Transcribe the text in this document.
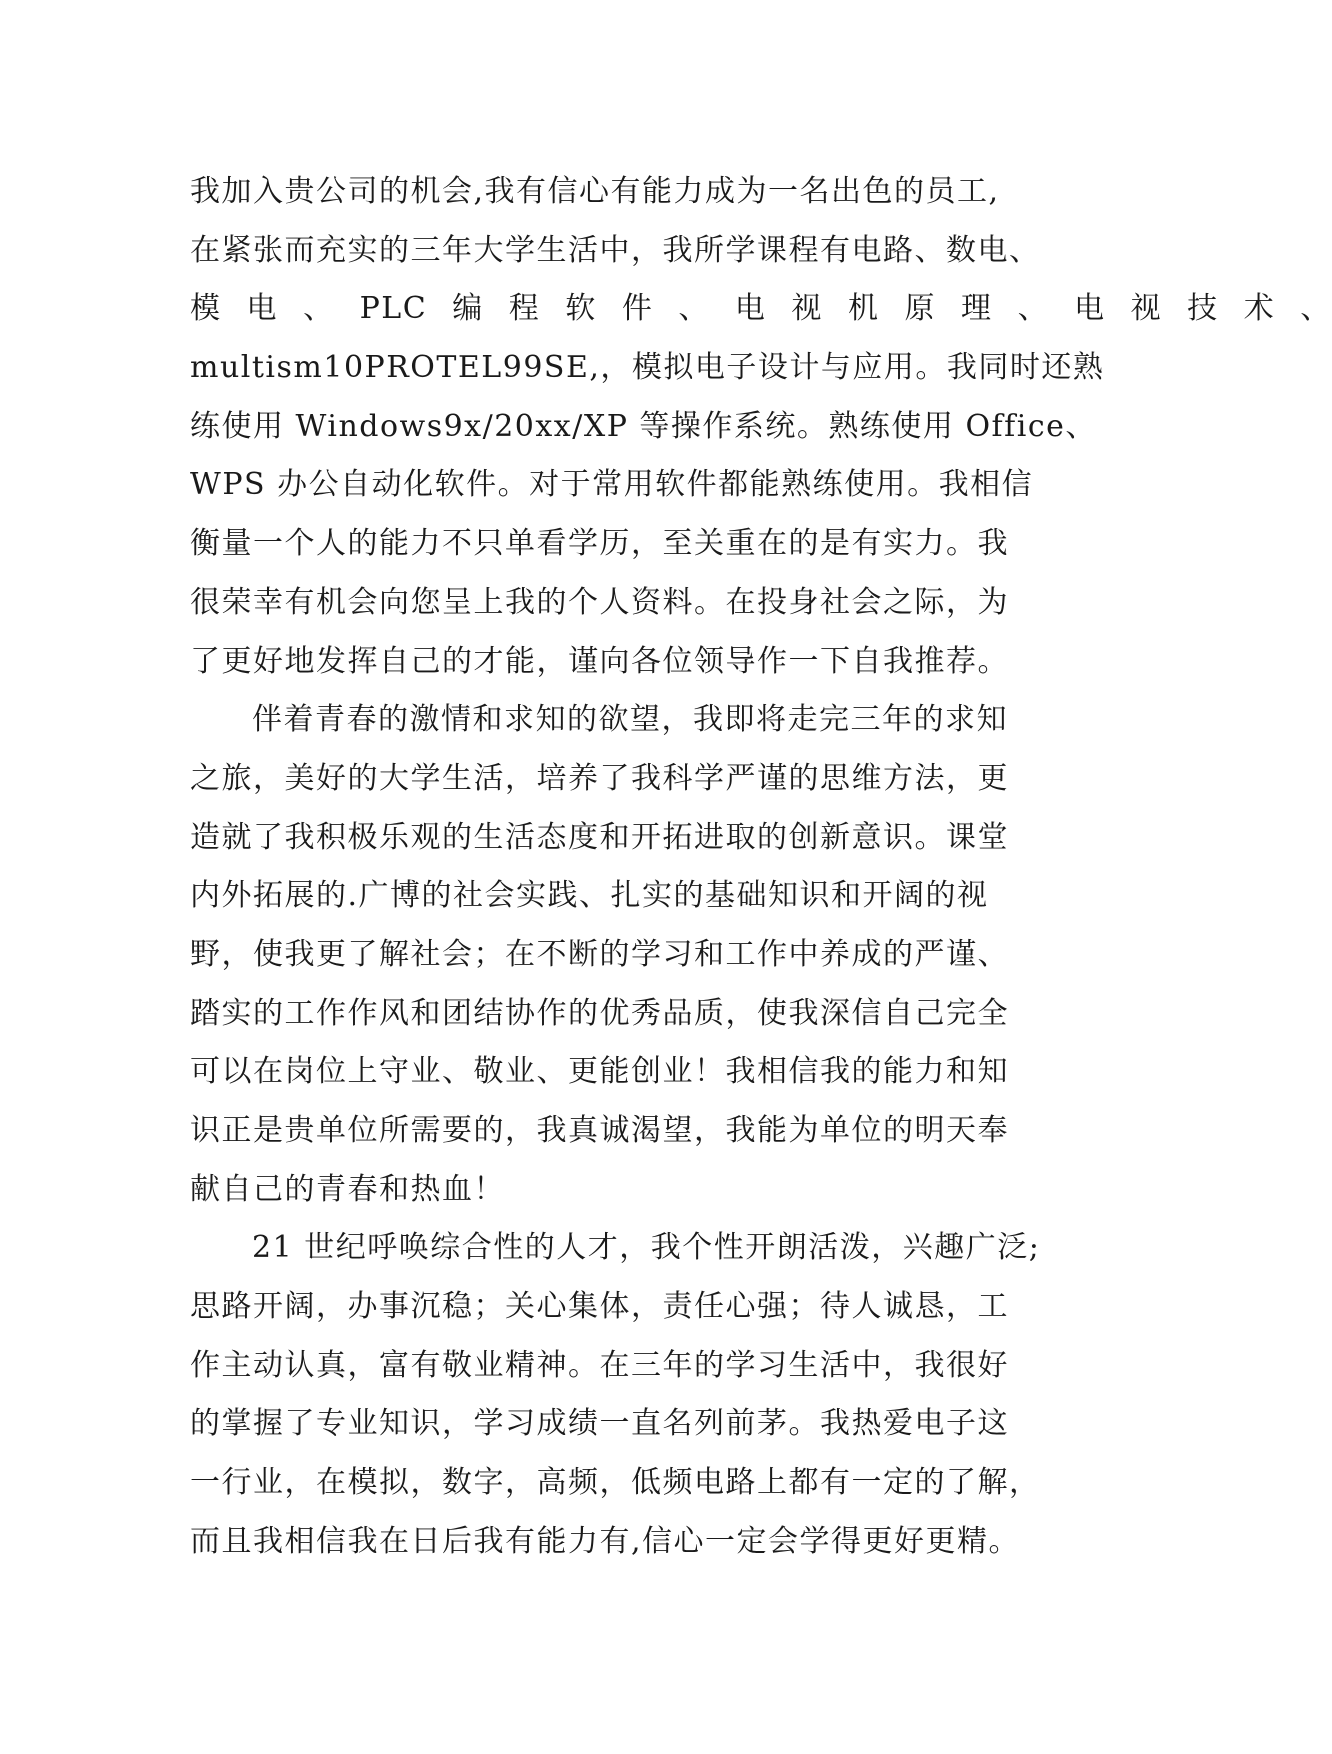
我加入贵公司的机会,我有信心有能力成为一名出色的员工,
在紧张而充实的三年大学生活中，我所学课程有电路、数电、
模 电 、 PLC 编 程 软 件 、 电 视 机 原 理 、 电 视 技 术 、
multism10PROTEL99SE,，模拟电子设计与应用。我同时还熟
练使用 Windows9x/20xx/XP 等操作系统。熟练使用 Office、
WPS 办公自动化软件。对于常用软件都能熟练使用。我相信
衡量一个人的能力不只单看学历，至关重在的是有实力。我
很荣幸有机会向您呈上我的个人资料。在投身社会之际，为
了更好地发挥自己的才能，谨向各位领导作一下自我推荐。
伴着青春的激情和求知的欲望，我即将走完三年的求知
之旅，美好的大学生活，培养了我科学严谨的思维方法，更
造就了我积极乐观的生活态度和开拓进取的创新意识。课堂
内外拓展的.广博的社会实践、扎实的基础知识和开阔的视
野，使我更了解社会；在不断的学习和工作中养成的严谨、
踏实的工作作风和团结协作的优秀品质，使我深信自己完全
可以在岗位上守业、敬业、更能创业！我相信我的能力和知
识正是贵单位所需要的，我真诚渴望，我能为单位的明天奉
献自己的青春和热血！
21 世纪呼唤综合性的人才，我个性开朗活泼，兴趣广泛;
思路开阔，办事沉稳；关心集体，责任心强；待人诚恳，工
作主动认真，富有敬业精神。在三年的学习生活中，我很好
的掌握了专业知识，学习成绩一直名列前茅。我热爱电子这
一行业，在模拟，数字，高频，低频电路上都有一定的了解，
而且我相信我在日后我有能力有,信心一定会学得更好更精。
